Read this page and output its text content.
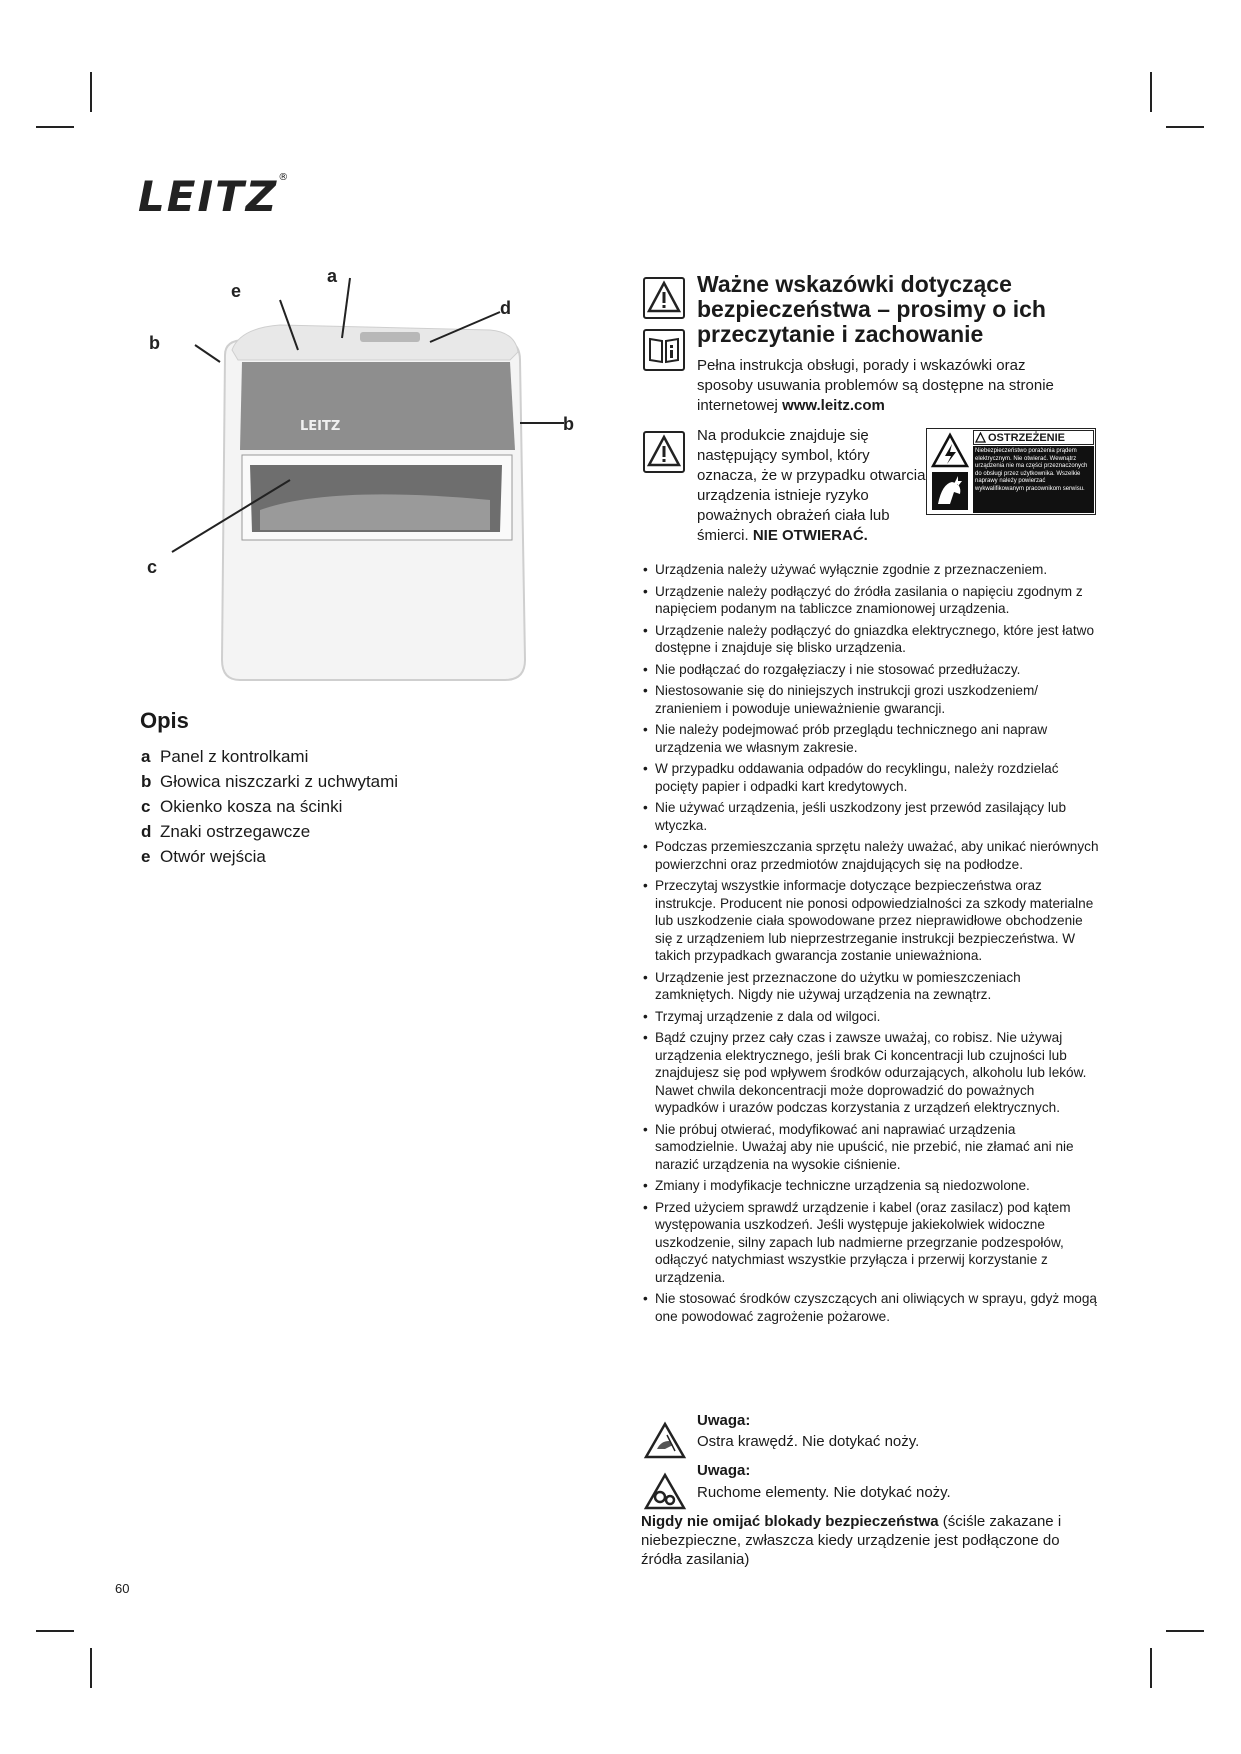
LEITZ®
LEITZ
b
e
a
d
b
c
Opis
a Panel z kontrolkami
b Głowica niszczarki z uchwytami
c Okienko kosza na ścinki
d Znaki ostrzegawcze
e Otwór wejścia
Ważne wskazówki dotyczące bezpieczeństwa – prosimy o ich przeczytanie i zachowanie
Pełna instrukcja obsługi, porady i wskazówki oraz sposoby usuwania problemów są dostępne na stronie internetowej www.leitz.com
Na produkcie znajduje się następujący symbol, który oznacza, że w przypadku otwarcia urządzenia istnieje ryzyko poważnych obrażeń ciała lub śmierci. NIE OTWIERAĆ.
OSTRZEŻENIE
Niebezpieczeństwo porażenia prądem elektrycznym. Nie otwierać. Wewnątrz urządzenia nie ma części przeznaczonych do obsługi przez użytkownika. Wszelkie naprawy należy powierzać wykwalifikowanym pracownikom serwisu.
• Urządzenia należy używać wyłącznie zgodnie z przeznaczeniem.
• Urządzenie należy podłączyć do źródła zasilania o napięciu zgodnym z napięciem podanym na tabliczce znamionowej urządzenia.
• Urządzenie należy podłączyć do gniazdka elektrycznego, które jest łatwo dostępne i znajduje się blisko urządzenia.
• Nie podłączać do rozgałęziaczy i nie stosować przedłużaczy.
• Niestosowanie się do niniejszych instrukcji grozi uszkodzeniem/ zranieniem i powoduje unieważnienie gwarancji.
• Nie należy podejmować prób przeglądu technicznego ani napraw urządzenia we własnym zakresie.
• W przypadku oddawania odpadów do recyklingu, należy rozdzielać pocięty papier i odpadki kart kredytowych.
• Nie używać urządzenia, jeśli uszkodzony jest przewód zasilający lub wtyczka.
• Podczas przemieszczania sprzętu należy uważać, aby unikać nierównych powierzchni oraz przedmiotów znajdujących się na podłodze.
• Przeczytaj wszystkie informacje dotyczące bezpieczeństwa oraz instrukcje. Producent nie ponosi odpowiedzialności za szkody materialne lub uszkodzenie ciała spowodowane przez nieprawidłowe obchodzenie się z urządzeniem lub nieprzestrzeganie instrukcji bezpieczeństwa. W takich przypadkach gwarancja zostanie unieważniona.
• Urządzenie jest przeznaczone do użytku w pomieszczeniach zamkniętych. Nigdy nie używaj urządzenia na zewnątrz.
• Trzymaj urządzenie z dala od wilgoci.
• Bądź czujny przez cały czas i zawsze uważaj, co robisz. Nie używaj urządzenia elektrycznego, jeśli brak Ci koncentracji lub czujności lub znajdujesz się pod wpływem środków odurzających, alkoholu lub leków. Nawet chwila dekoncentracji może doprowadzić do poważnych wypadków i urazów podczas korzystania z urządzeń elektrycznych.
• Nie próbuj otwierać, modyfikować ani naprawiać urządzenia samodzielnie. Uważaj aby nie upuścić, nie przebić, nie złamać ani nie narazić urządzenia na wysokie ciśnienie.
• Zmiany i modyfikacje techniczne urządzenia są niedozwolone.
• Przed użyciem sprawdź urządzenie i kabel (oraz zasilacz) pod kątem występowania uszkodzeń. Jeśli występuje jakiekolwiek widoczne uszkodzenie, silny zapach lub nadmierne przegrzanie podzespołów, odłączyć natychmiast wszystkie przyłącza i przerwij korzystanie z urządzenia.
• Nie stosować środków czyszczących ani oliwiących w sprayu, gdyż mogą one powodować zagrożenie pożarowe.
Uwaga:
Ostra krawędź. Nie dotykać noży.
Uwaga:
Ruchome elementy. Nie dotykać noży.
Nigdy nie omijać blokady bezpieczeństwa (ściśle zakazane i niebezpieczne, zwłaszcza kiedy urządzenie jest podłączone do źródła zasilania)
60
